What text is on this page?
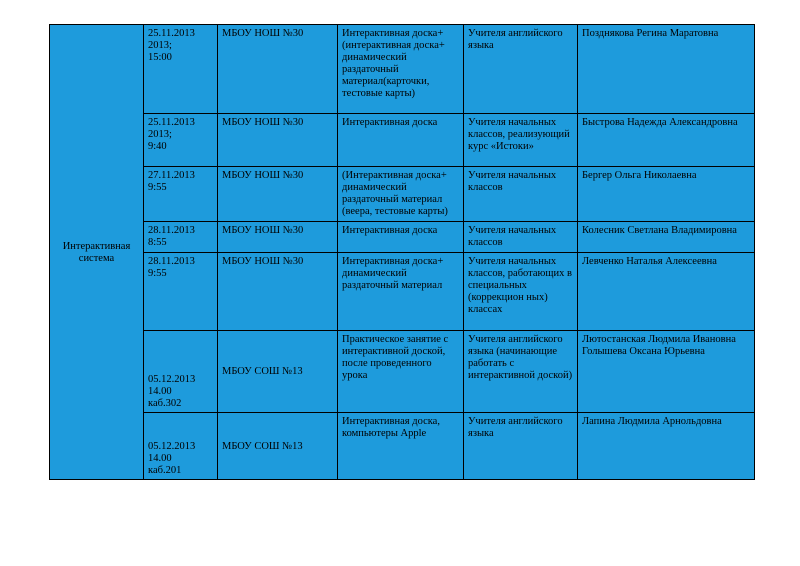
Интерактивная система	25.11.2013
2013;
15:00	МБОУ НОШ №30	Интерактивная доска+ (интерактивная доска+ динамический раздаточный материал(карточки, тестовые карты)	Учителя английского языка	Позднякова Регина Маратовна
	25.11.2013
2013;
9:40	МБОУ НОШ №30	Интерактивная доска	Учителя начальных классов, реализующий курс «Истоки»	Быстрова Надежда Александровна
	27.11.2013
9:55	МБОУ НОШ №30	(Интерактивная доска+ динамический раздаточный материал (веера, тестовые карты)	Учителя начальных классов	Бергер Ольга Николаевна
	28.11.2013
8:55	МБОУ НОШ №30	Интерактивная доска	Учителя начальных классов	Колесник Светлана Владимировна
	28.11.2013
9:55	МБОУ НОШ №30	Интерактивная доска+ динамический раздаточный материал	Учителя начальных классов, работающих в специальных (коррекцион ных) классах	Левченко Наталья Алексеевна
	05.12.2013
14.00
каб.302	МБОУ СОШ №13	Практическое занятие с интерактивной доской, после проведенного урока	Учителя английского языка (начинающие работать с интерактивной доской)	Лютостанская Людмила Ивановна Голышева Оксана Юрьевна
	05.12.2013
14.00
каб.201	МБОУ СОШ №13	Интерактивная доска, компьютеры Apple	Учителя английского языка	Лапина Людмила Арнольдовна
